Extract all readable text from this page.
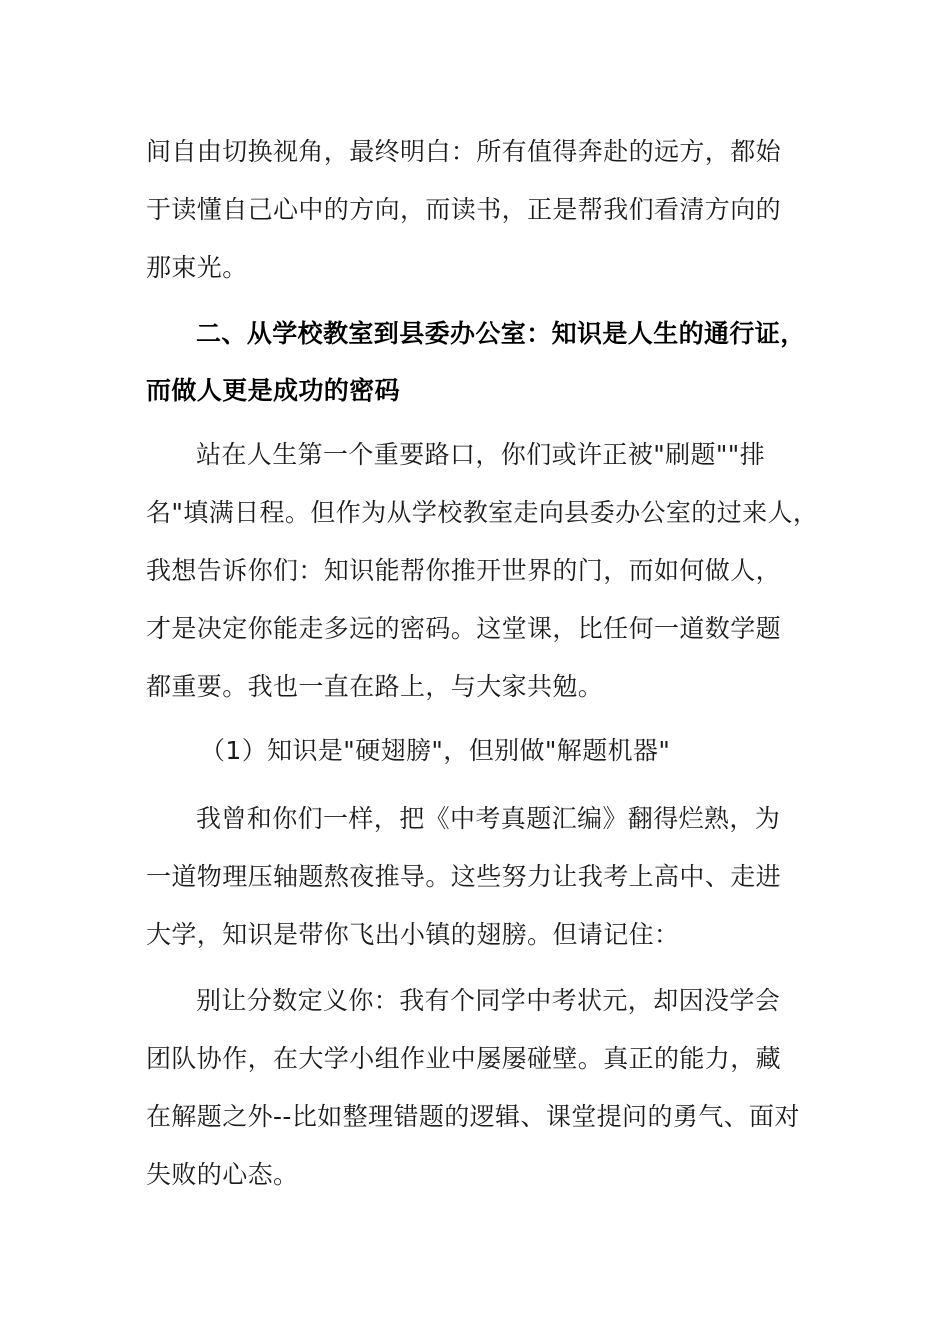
间自由切换视角，最终明白：所有值得奔赴的远方，都始

于读懂自己心中的方向，而读书，正是帮我们看清方向的

那束光。

二、从学校教室到县委办公室：知识是人生的通行证，

而做人更是成功的密码

站在人生第一个重要路口，你们或许正被"刷题""排

名"填满日程。但作为从学校教室走向县委办公室的过来人，

我想告诉你们：知识能帮你推开世界的门，而如何做人，

才是决定你能走多远的密码。这堂课，比任何一道数学题

都重要。我也一直在路上，与大家共勉。

（1）知识是"硬翅膀"，但别做"解题机器"

我曾和你们一样，把《中考真题汇编》翻得烂熟，为

一道物理压轴题熬夜推导。这些努力让我考上高中、走进

大学，知识是带你飞出小镇的翅膀。但请记住：

别让分数定义你：我有个同学中考状元，却因没学会

团队协作，在大学小组作业中屡屡碰壁。真正的能力，藏

在解题之外--比如整理错题的逻辑、课堂提问的勇气、面对

失败的心态。
